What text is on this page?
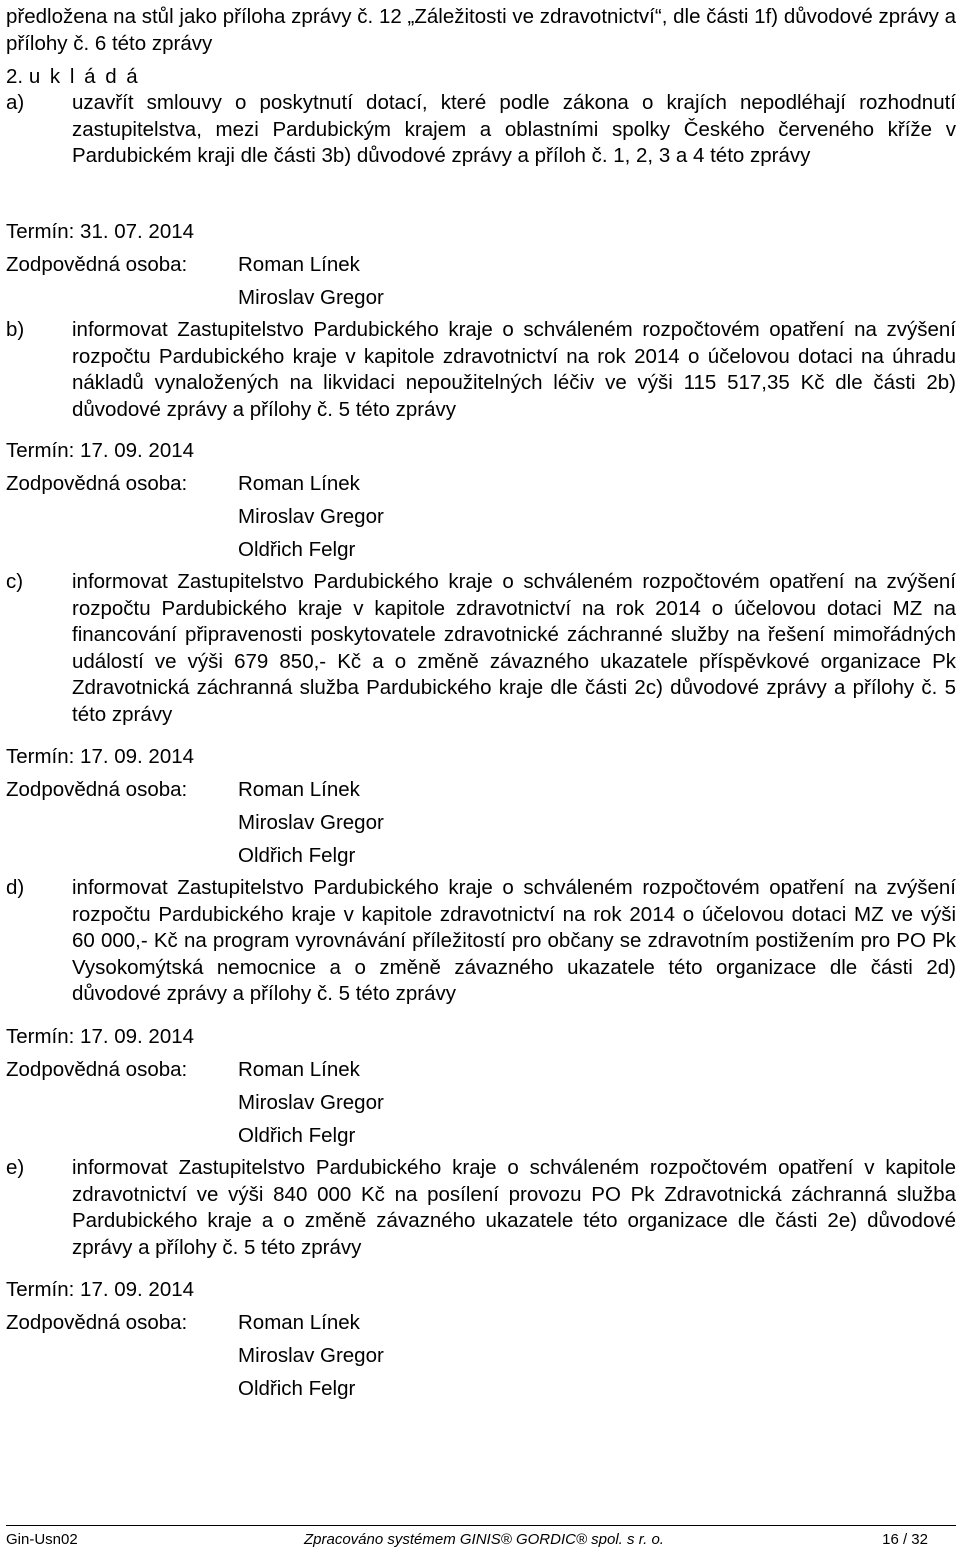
předložena na stůl jako příloha zprávy č. 12 „Záležitosti ve zdravotnictví“, dle části 1f) důvodové zprávy a přílohy č. 6 této zprávy
2. u k l á d á
a) uzavřít smlouvy o poskytnutí dotací, které podle zákona o krajích nepodléhají rozhodnutí zastupitelstva, mezi Pardubickým krajem a oblastními spolky Českého červeného kříže v Pardubickém kraji dle části 3b) důvodové zprávy a příloh č. 1, 2, 3 a 4 této zprávy
Termín: 31. 07. 2014
Zodpovědná osoba: Roman Línek
Miroslav Gregor
b) informovat Zastupitelstvo Pardubického kraje o schváleném rozpočtovém opatření na zvýšení rozpočtu Pardubického kraje v kapitole zdravotnictví na rok 2014 o účelovou dotaci na úhradu nákladů vynaložených na likvidaci nepoužitelných léčiv ve výši 115 517,35 Kč dle části 2b) důvodové zprávy a přílohy č. 5 této zprávy
Termín: 17. 09. 2014
Zodpovědná osoba: Roman Línek
Miroslav Gregor
Oldřich Felgr
c) informovat Zastupitelstvo Pardubického kraje o schváleném rozpočtovém opatření na zvýšení rozpočtu Pardubického kraje v kapitole zdravotnictví na rok 2014 o účelovou dotaci MZ na financování připravenosti poskytovatele zdravotnické záchranné služby na řešení mimořádných událostí ve výši 679 850,- Kč a o změně závazného ukazatele příspěvkové organizace Pk Zdravotnická záchranná služba Pardubického kraje dle části 2c) důvodové zprávy a přílohy č. 5 této zprávy
Termín: 17. 09. 2014
Zodpovědná osoba: Roman Línek
Miroslav Gregor
Oldřich Felgr
d) informovat Zastupitelstvo Pardubického kraje o schváleném rozpočtovém opatření na zvýšení rozpočtu Pardubického kraje v kapitole zdravotnictví na rok 2014 o účelovou dotaci MZ ve výši 60 000,- Kč na program vyrovnávání příležitostí pro občany se zdravotním postižením pro PO Pk Vysokomýtská nemocnice a o změně závazného ukazatele této organizace dle části 2d) důvodové zprávy a přílohy č. 5 této zprávy
Termín: 17. 09. 2014
Zodpovědná osoba: Roman Línek
Miroslav Gregor
Oldřich Felgr
e) informovat Zastupitelstvo Pardubického kraje o schváleném rozpočtovém opatření v kapitole zdravotnictví ve výši 840 000 Kč na posílení provozu PO Pk Zdravotnická záchranná služba Pardubického kraje a o změně závazného ukazatele této organizace dle části 2e) důvodové zprávy a přílohy č. 5 této zprávy
Termín: 17. 09. 2014
Zodpovědná osoba: Roman Línek
Miroslav Gregor
Oldřich Felgr
Gin-Usn02	Zpracováno systémem GINIS® GORDIC® spol. s r. o.	16 / 32
